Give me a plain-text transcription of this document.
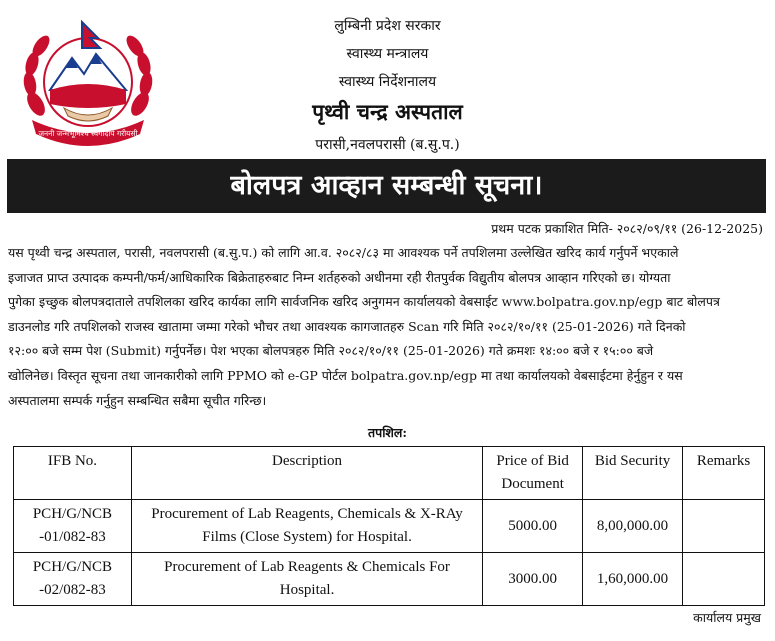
जननी जन्मभूमिश्च स्वर्गादपि गरीयसी
लुम्बिनी प्रदेश सरकार
स्वास्थ्य मन्त्रालय
स्वास्थ्य निर्देशनालय
पृथ्वी चन्द्र अस्पताल
परासी,नवलपरासी (ब.सु.प.)
बोलपत्र आव्हान सम्बन्धी सूचना।
प्रथम पटक प्रकाशित मिति- २०८२/०९/११ (26-12-2025)
यस पृथ्वी चन्द्र अस्पताल, परासी, नवलपरासी (ब.सु.प.) को लागि आ.व. २०८२/८३ मा आवश्यक पर्ने तपशिलमा उल्लेखित खरिद कार्य गर्नुपर्ने भएकाले
इजाजत प्राप्त उत्पादक कम्पनी/फर्म/आधिकारिक बिक्रेताहरुबाट निम्न शर्तहरुको अधीनमा रही रीतपुर्वक विद्युतीय बोलपत्र आव्हान गरिएको छ। योग्यता
पुगेका इच्छुक बोलपत्रदाताले तपशिलका खरिद कार्यका लागि सार्वजनिक खरिद अनुगमन कार्यालयको वेबसाईट www.bolpatra.gov.np/egp बाट बोलपत्र
डाउनलोड गरि तपशिलको राजस्व खातामा जम्मा गरेको भौचर तथा आवश्यक कागजातहरु Scan गरि मिति २०८२/१०/११ (25-01-2026) गते दिनको
१२:०० बजे सम्म पेश (Submit) गर्नुपर्नेछ। पेश भएका बोलपत्रहरु मिति २०८२/१०/११ (25-01-2026) गते क्रमशः १४:०० बजे र १५:०० बजे
खोलिनेछ। विस्तृत सूचना तथा जानकारीको लागि PPMO को e-GP पोर्टल bolpatra.gov.np/egp मा तथा कार्यालयको वेबसाईटमा हेर्नुहुन र यस
अस्पतालमा सम्पर्क गर्नुहुन सम्बन्धित सबैमा सूचीत गरिन्छ।
तपशिल:
IFB No.	Description	Price of Bid Document	Bid Security	Remarks
PCH/G/NCB -01/082-83	Procurement of Lab Reagents, Chemicals & X-RAy Films (Close System) for Hospital.	5000.00	8,00,000.00	
PCH/G/NCB -02/082-83	Procurement of Lab Reagents & Chemicals For Hospital.	3000.00	1,60,000.00	
कार्यालय प्रमुख
